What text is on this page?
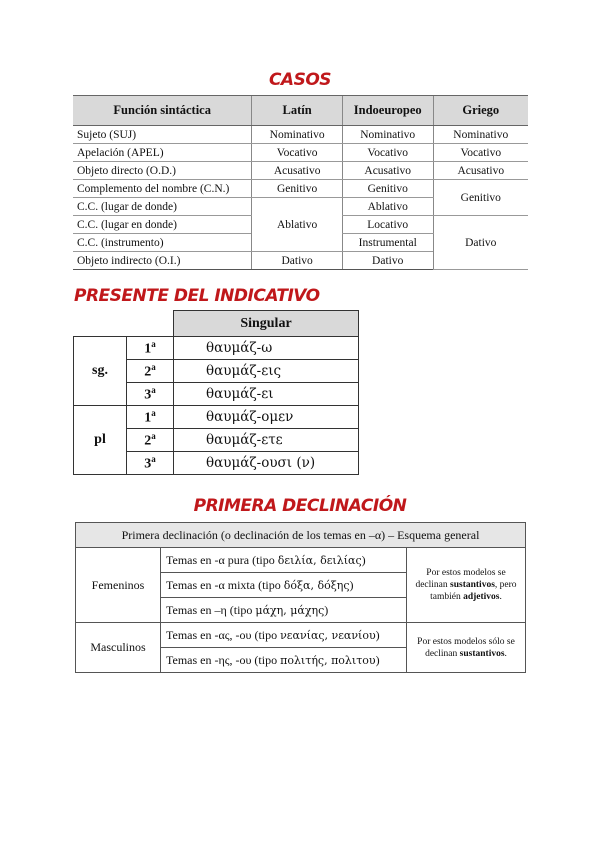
CASOS
Función sintáctica	Latín	Indoeuropeo	Griego
Sujeto (SUJ)	Nominativo	Nominativo	Nominativo
Apelación (APEL)	Vocativo	Vocativo	Vocativo
Objeto directo (O.D.)	Acusativo	Acusativo	Acusativo
Complemento del nombre (C.N.)	Genitivo	Genitivo	Genitivo
C.C. (lugar de donde)	Ablativo	Ablativo	
C.C. (lugar en donde)		Locativo	Dativo
C.C. (instrumento)		Instrumental	
Objeto indirecto (O.I.)	Dativo	Dativo	
PRESENTE DEL INDICATIVO
		Singular
sg.	1$^a$	θαυμάζ-ω
	2$^a$	θαυμάζ-εις
	3$^a$	θαυμάζ-ει
pl	1$^a$	θαυμάζ-ομεν
	2$^a$	θαυμάζ-ετε
	3$^a$	θαυμάζ-ουσι (ν)
PRIMERA DECLINACIÓN
Primera declinación (o declinación de los temas en –α) – Esquema general		
Femeninos	Temas en -α pura (tipo δειλία, δειλίας)	Por estos modelos se declinan sustantivos, pero también adjetivos.
	Temas en -α mixta (tipo δόξα, δόξης)	
	Temas en –η (tipo μάχη, μάχης)	
Masculinos	Temas en -ας, -ου (tipo νεανίας, νεανίου)	Por estos modelos sólo se declinan sustantivos.
	Temas en -ης, -ου (tipo πολιτής, πολιτου)	
